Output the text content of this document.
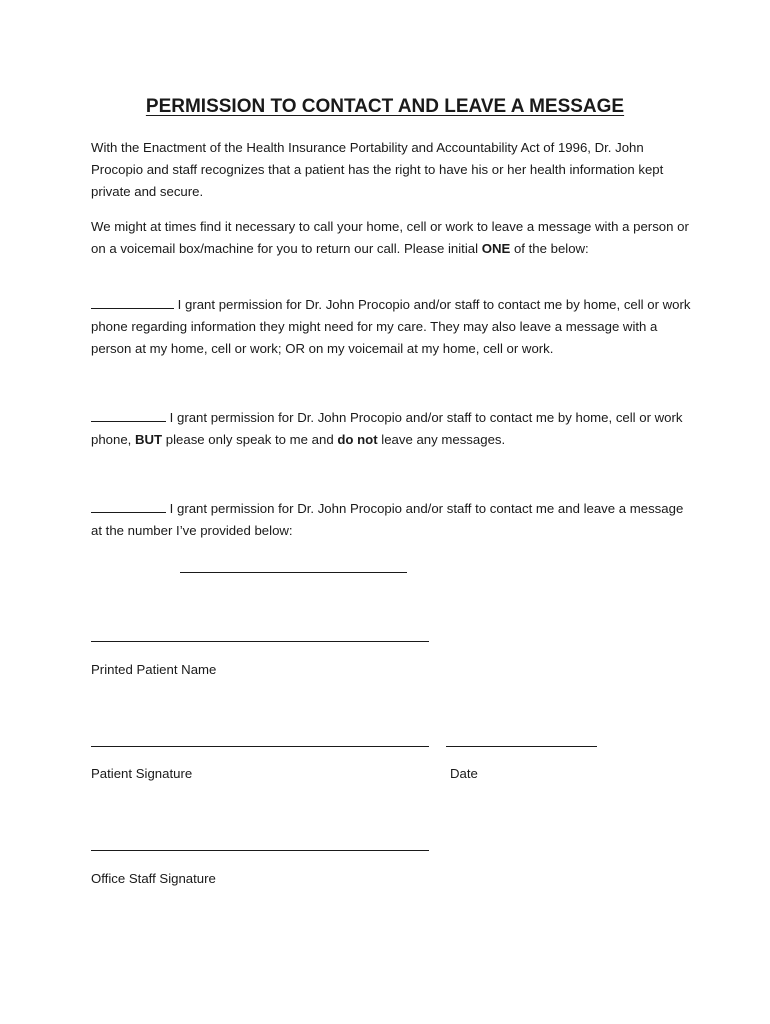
PERMISSION TO CONTACT AND LEAVE A MESSAGE

With the Enactment of the Health Insurance Portability and Accountability Act of 1996, Dr. John Procopio and staff recognizes that a patient has the right to have his or her health information kept private and secure.

We might at times find it necessary to call your home, cell or work to leave a message with a person or on a voicemail box/machine for you to return our call. Please initial ONE of the below:

I grant permission for Dr. John Procopio and/or staff to contact me by home, cell or work phone regarding information they might need for my care. They may also leave a message with a person at my home, cell or work; OR on my voicemail at my home, cell or work.

I grant permission for Dr. John Procopio and/or staff to contact me by home, cell or work phone, BUT please only speak to me and do not leave any messages.

I grant permission for Dr. John Procopio and/or staff to contact me and leave a message at the number I’ve provided below:

Printed Patient Name
Patient Signature	Date
Office Staff Signature
